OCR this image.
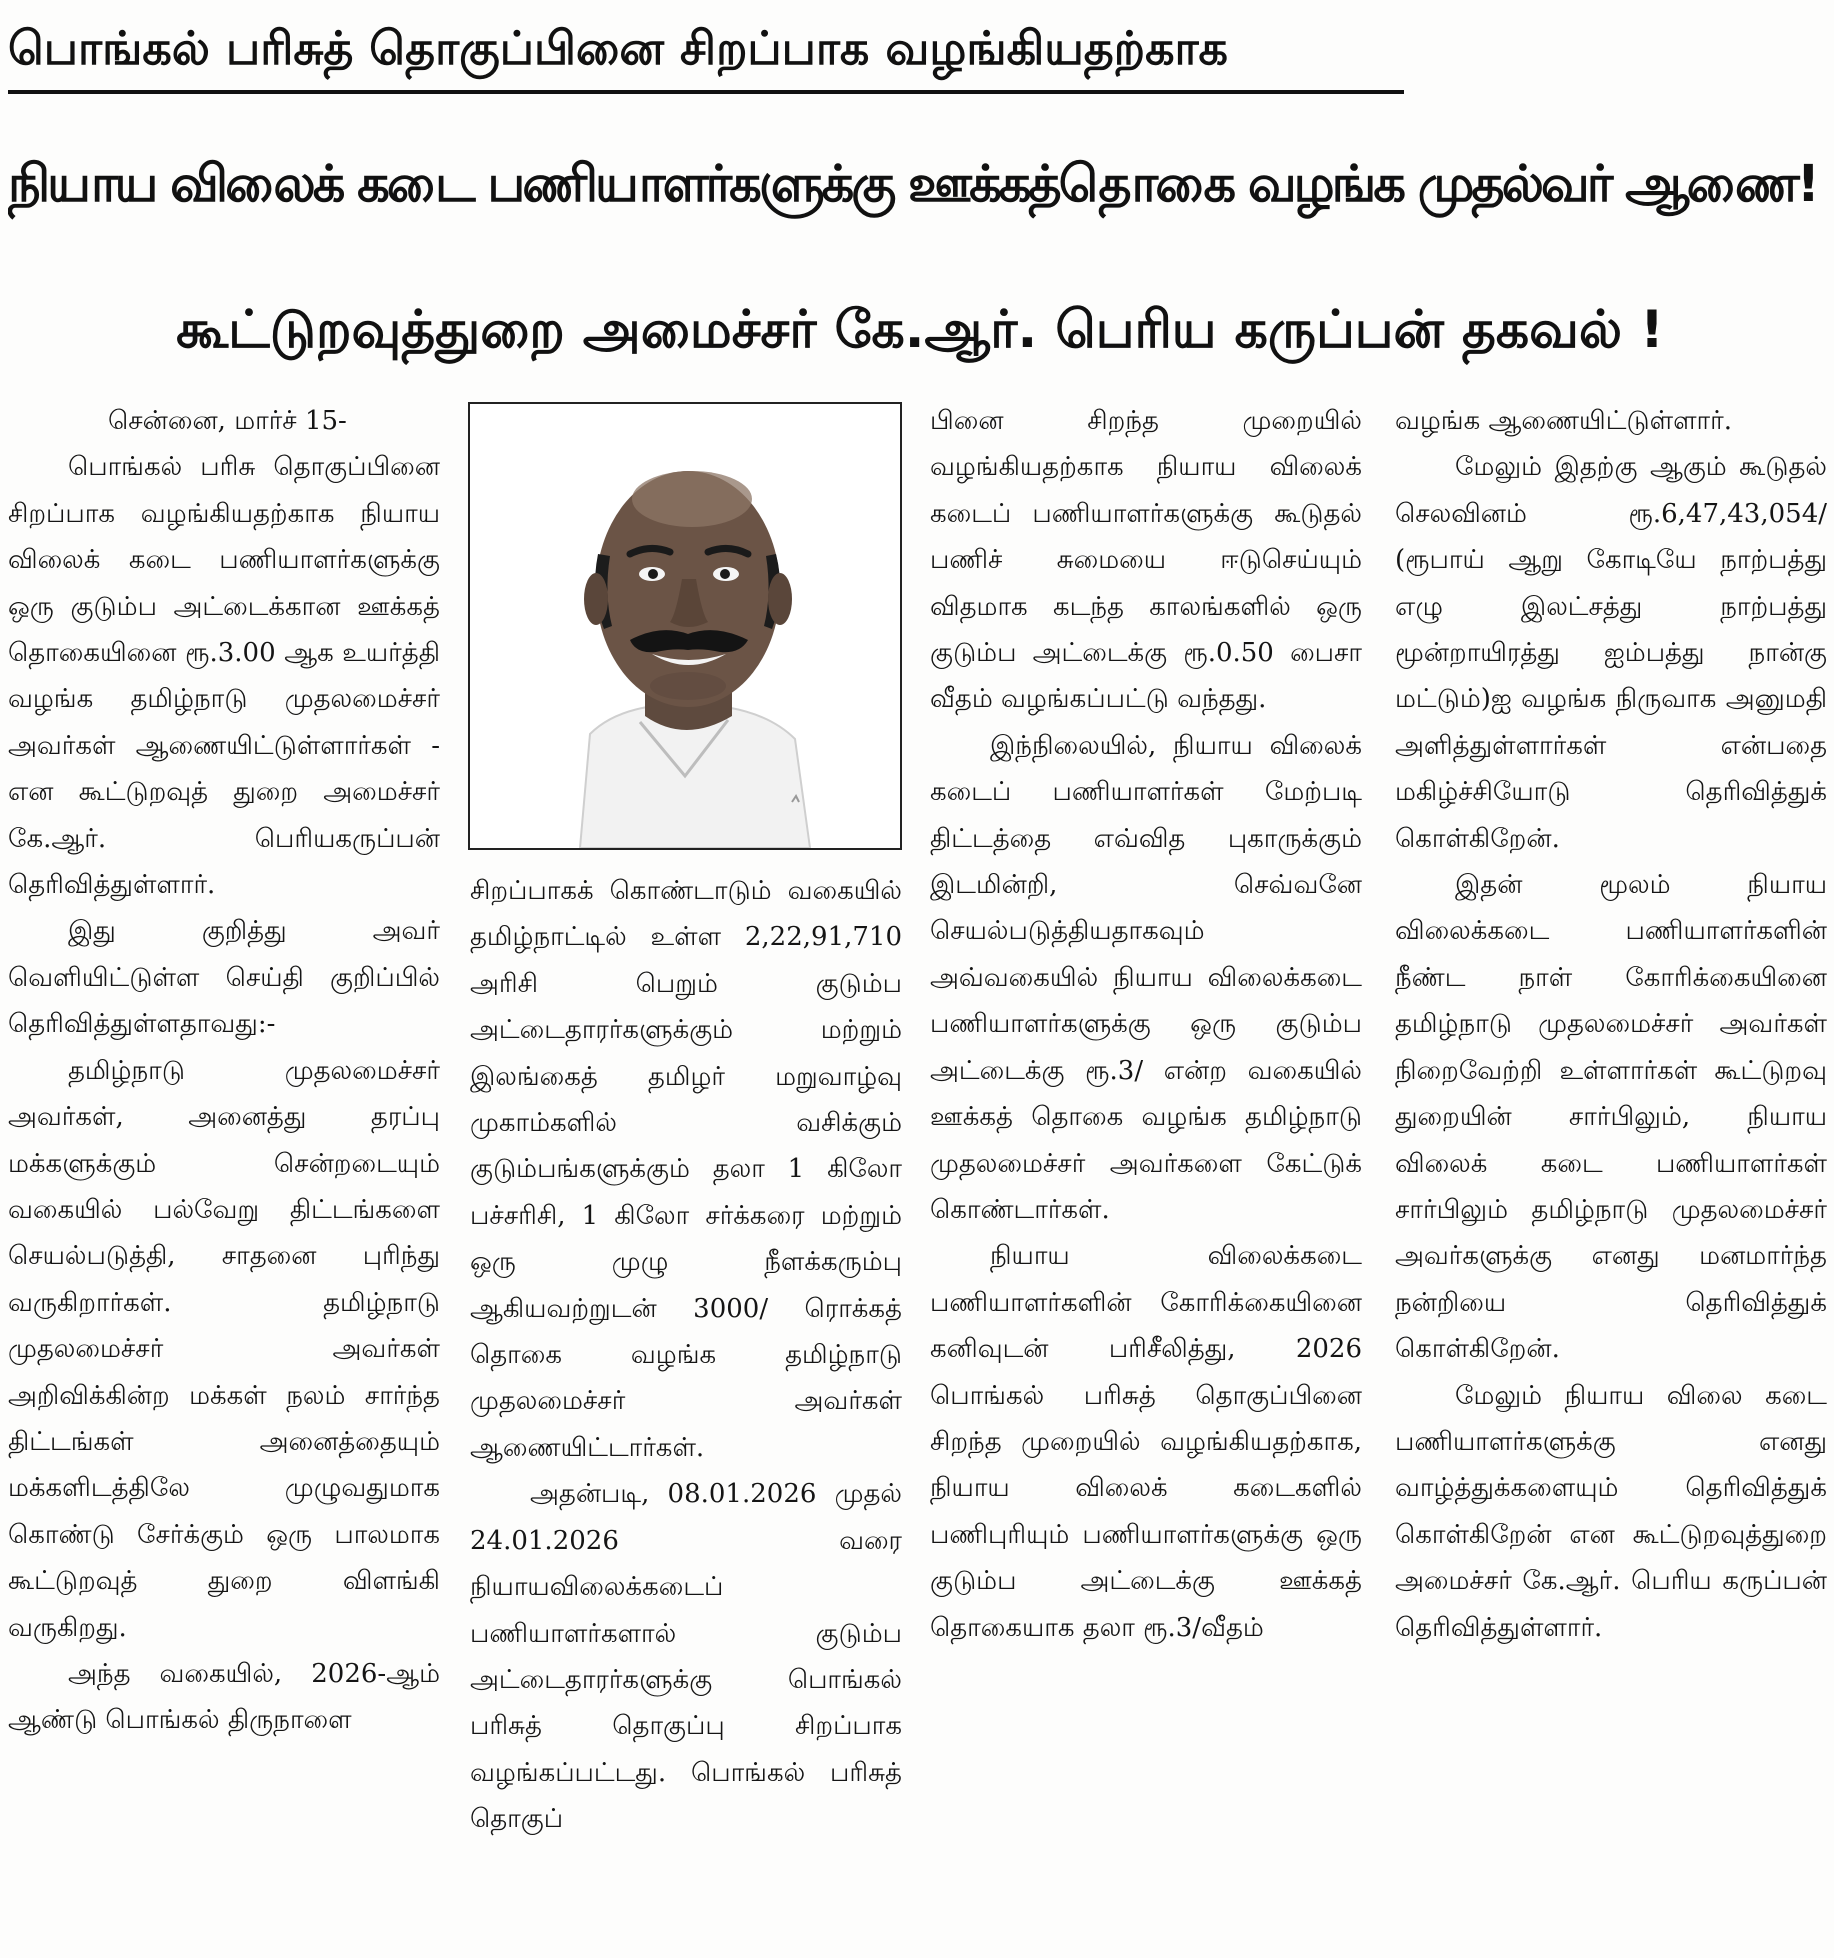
பொங்கல் பரிசுத் தொகுப்பினை சிறப்பாக வழங்கியதற்காக
நியாய விலைக் கடை பணியாளர்களுக்கு ஊக்கத்தொகை வழங்க முதல்வர் ஆணை!
கூட்டுறவுத்துறை அமைச்சர் கே.ஆர். பெரிய கருப்பன் தகவல் !

சென்னை, மார்ச் 15-

பொங்கல் பரிசு தொகுப்பினை சிறப்பாக வழங்கியதற்காக நியாய விலைக் கடை பணியாளர்களுக்கு ஒரு குடும்ப அட்டைக்கான ஊக்கத் தொகையினை ரூ.3.00 ஆக உயர்த்தி வழங்க தமிழ்நாடு முதலமைச்சர் அவர்கள் ஆணையிட்டுள்ளார்கள் - என கூட்டுறவுத் துறை அமைச்சர் கே.ஆர். பெரியகருப்பன் தெரிவித்துள்ளார்.

இது குறித்து அவர் வெளியிட்டுள்ள செய்தி குறிப்பில் தெரிவித்துள்ளதாவது:-

தமிழ்நாடு முதலமைச்சர் அவர்கள், அனைத்து தரப்பு மக்களுக்கும் சென்றடையும் வகையில் பல்வேறு திட்டங்களை செயல்படுத்தி, சாதனை புரிந்து வருகிறார்கள். தமிழ்நாடு முதலமைச்சர் அவர்கள் அறிவிக்கின்ற மக்கள் நலம் சார்ந்த திட்டங்கள் அனைத்தையும் மக்களிடத்திலே முழுவதுமாக கொண்டு சேர்க்கும் ஒரு பாலமாக கூட்டுறவுத் துறை விளங்கி வருகிறது.

அந்த வகையில், 2026-ஆம் ஆண்டு பொங்கல் திருநாளை

சிறப்பாகக் கொண்டாடும் வகையில் தமிழ்நாட்டில் உள்ள 2,22,91,710 அரிசி பெறும் குடும்ப அட்டைதாரர்களுக்கும் மற்றும் இலங்கைத் தமிழர் மறுவாழ்வு முகாம்களில் வசிக்கும் குடும்பங்களுக்கும் தலா 1 கிலோ பச்சரிசி, 1 கிலோ சர்க்கரை மற்றும் ஒரு முழு நீளக்கரும்பு ஆகியவற்றுடன் 3000/ ரொக்கத் தொகை வழங்க தமிழ்நாடு முதலமைச்சர் அவர்கள் ஆணையிட்டார்கள்.

அதன்படி, 08.01.2026 முதல் 24.01.2026 வரை நியாயவிலைக்கடைப் பணியாளர்களால் குடும்ப அட்டைதாரர்களுக்கு பொங்கல் பரிசுத் தொகுப்பு சிறப்பாக வழங்கப்பட்டது. பொங்கல் பரிசுத் தொகுப்

பினை சிறந்த முறையில் வழங்கியதற்காக நியாய விலைக் கடைப் பணியாளர்களுக்கு கூடுதல் பணிச் சுமையை ஈடுசெய்யும் விதமாக கடந்த காலங்களில் ஒரு குடும்ப அட்டைக்கு ரூ.0.50 பைசா வீதம் வழங்கப்பட்டு வந்தது.

இந்நிலையில், நியாய விலைக் கடைப் பணியாளர்கள் மேற்படி திட்டத்தை எவ்வித புகாருக்கும் இடமின்றி, செவ்வனே செயல்படுத்தியதாகவும் அவ்வகையில் நியாய விலைக்கடை பணியாளர்களுக்கு ஒரு குடும்ப அட்டைக்கு ரூ.3/ என்ற வகையில் ஊக்கத் தொகை வழங்க தமிழ்நாடு முதலமைச்சர் அவர்களை கேட்டுக் கொண்டார்கள்.

நியாய விலைக்கடை பணியாளர்களின் கோரிக்கையினை கனிவுடன் பரிசீலித்து, 2026 பொங்கல் பரிசுத் தொகுப்பினை சிறந்த முறையில் வழங்கியதற்காக, நியாய விலைக் கடைகளில் பணிபுரியும் பணியாளர்களுக்கு ஒரு குடும்ப அட்டைக்கு ஊக்கத் தொகையாக தலா ரூ.3/வீதம்

வழங்க ஆணையிட்டுள்ளார்.

மேலும் இதற்கு ஆகும் கூடுதல் செலவினம் ரூ.6,47,43,054/ (ரூபாய் ஆறு கோடியே நாற்பத்து எழு இலட்சத்து நாற்பத்து மூன்றாயிரத்து ஐம்பத்து நான்கு மட்டும்)ஐ வழங்க நிருவாக அனுமதி அளித்துள்ளார்கள் என்பதை மகிழ்ச்சியோடு தெரிவித்துக் கொள்கிறேன்.

இதன் மூலம் நியாய விலைக்கடை பணியாளர்களின் நீண்ட நாள் கோரிக்கையினை தமிழ்நாடு முதலமைச்சர் அவர்கள் நிறைவேற்றி உள்ளார்கள் கூட்டுறவு துறையின் சார்பிலும், நியாய விலைக் கடை பணியாளர்கள் சார்பிலும் தமிழ்நாடு முதலமைச்சர் அவர்களுக்கு எனது மனமார்ந்த நன்றியை தெரிவித்துக் கொள்கிறேன்.

மேலும் நியாய விலை கடை பணியாளர்களுக்கு எனது வாழ்த்துக்களையும் தெரிவித்துக் கொள்கிறேன் என கூட்டுறவுத்துறை அமைச்சர் கே.ஆர். பெரிய கருப்பன் தெரிவித்துள்ளார்.
